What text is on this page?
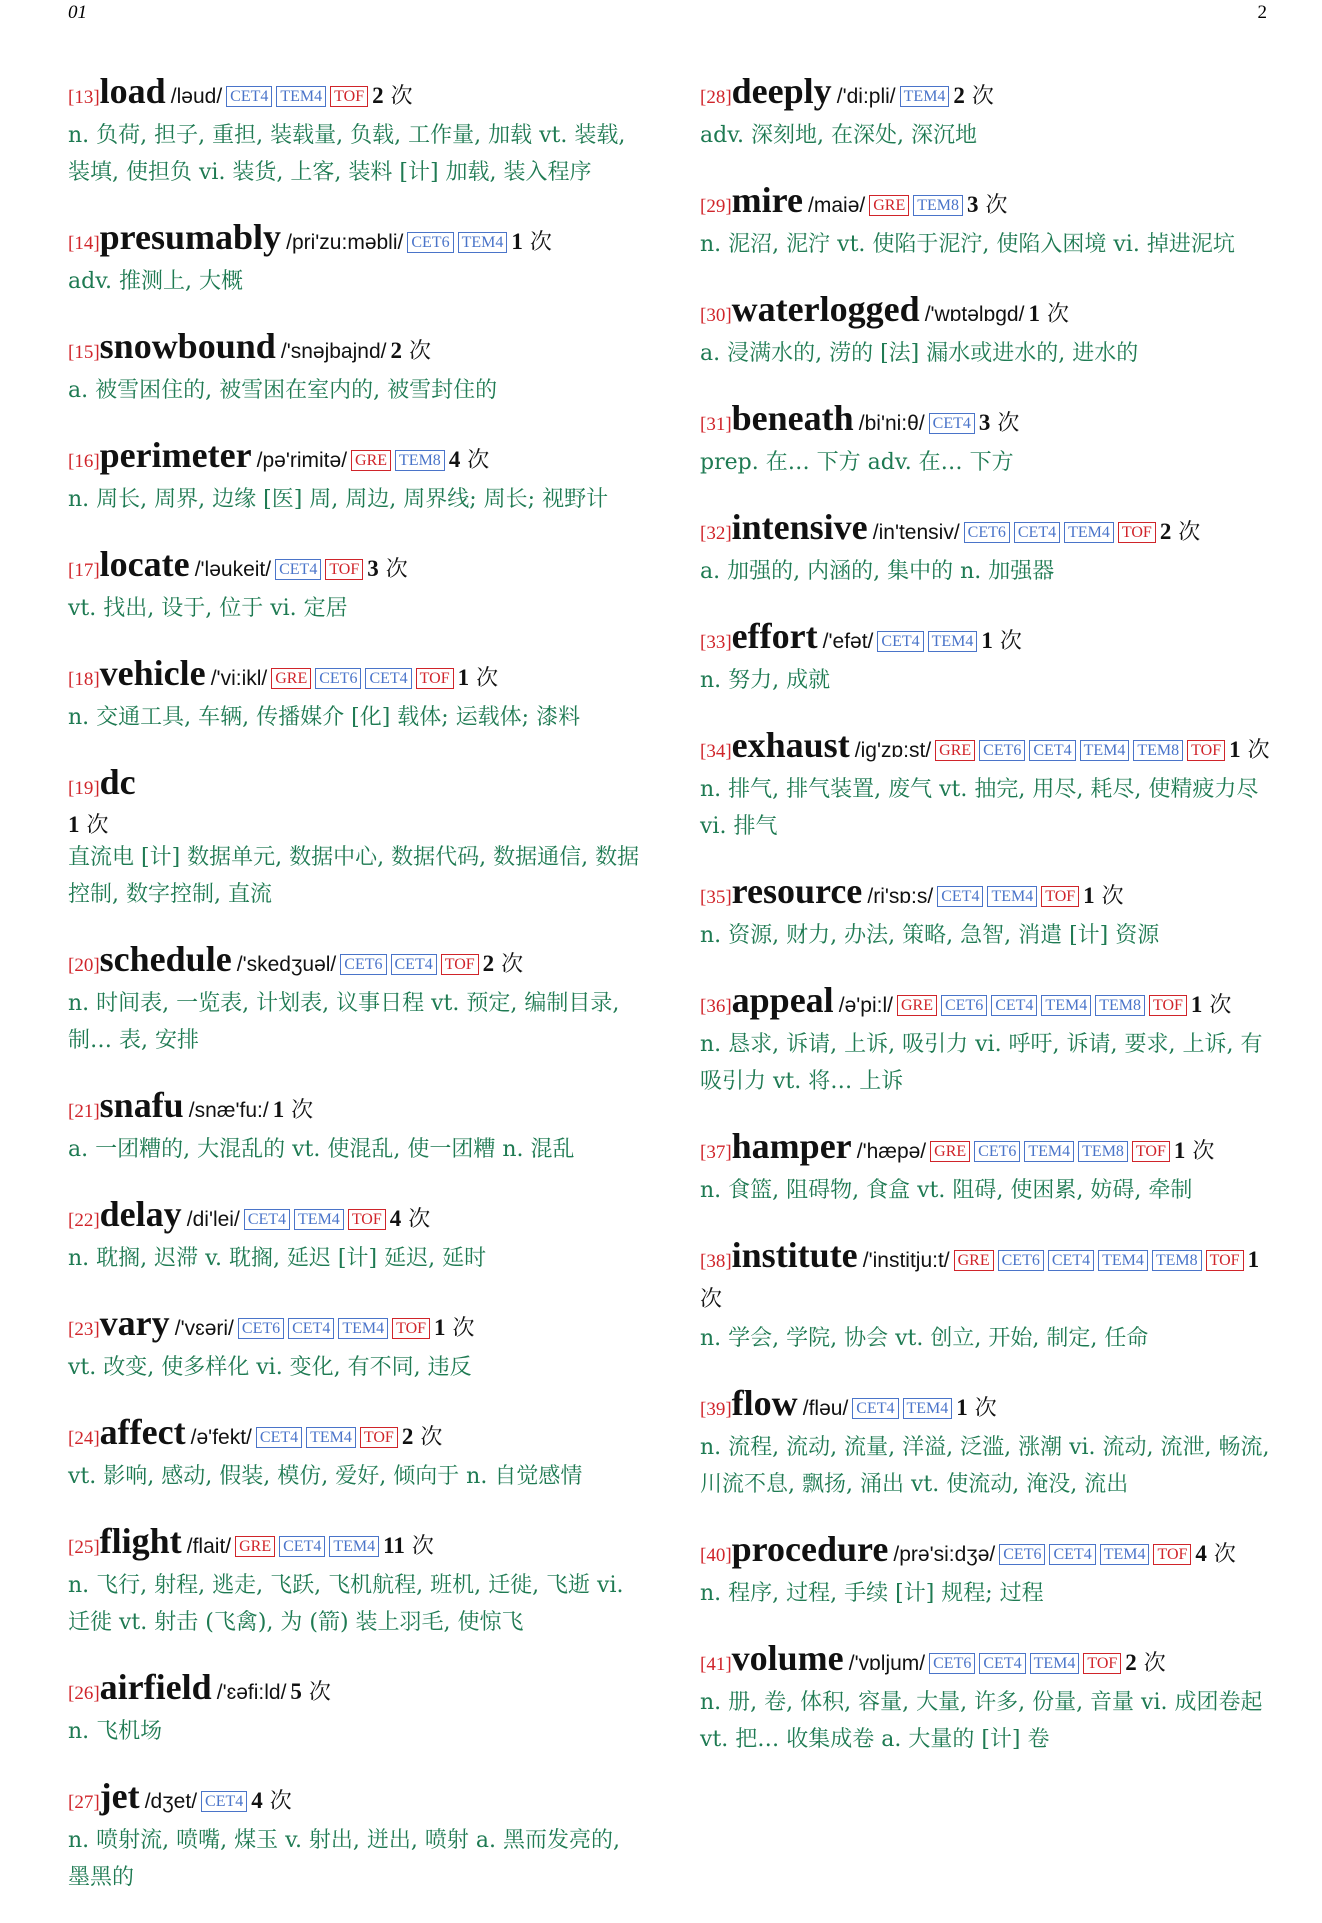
01	2
[13]load /ləud/ CET4 TEM4 TOF 2 次
n. 负荷, 担子, 重担, 装载量, 负载, 工作量, 加载 vt. 装载, 装填, 使担负 vi. 装货, 上客, 装料 [计] 加载, 装入程序
[14]presumably /pri'zu:məbli/ CET6 TEM4 1 次
adv. 推测上, 大概
[15]snowbound /'snəjbajnd/ 2 次
a. 被雪困住的, 被雪困在室内的, 被雪封住的
[16]perimeter /pə'rimitə/ GRE TEM8 4 次
n. 周长, 周界, 边缘 [医] 周, 周边, 周界线; 周长; 视野计
[17]locate /'ləukeit/ CET4 TOF 3 次
vt. 找出, 设于, 位于 vi. 定居
[18]vehicle /'vi:ikl/ GRE CET6 CET4 TOF 1 次
n. 交通工具, 车辆, 传播媒介 [化] 载体; 运载体; 漆料
[19]dc
1 次
直流电 [计] 数据单元, 数据中心, 数据代码, 数据通信, 数据控制, 数字控制, 直流
[20]schedule /'skedʒuəl/ CET6 CET4 TOF 2 次
n. 时间表, 一览表, 计划表, 议事日程 vt. 预定, 编制目录, 制… 表, 安排
[21]snafu /snæ'fu:/ 1 次
a. 一团糟的, 大混乱的 vt. 使混乱, 使一团糟 n. 混乱
[22]delay /di'lei/ CET4 TEM4 TOF 4 次
n. 耽搁, 迟滞 v. 耽搁, 延迟 [计] 延迟, 延时
[23]vary /'vɛəri/ CET6 CET4 TEM4 TOF 1 次
vt. 改变, 使多样化 vi. 变化, 有不同, 违反
[24]affect /ə'fekt/ CET4 TEM4 TOF 2 次
vt. 影响, 感动, 假装, 模仿, 爱好, 倾向于 n. 自觉感情
[25]flight /flait/ GRE CET4 TEM4 11 次
n. 飞行, 射程, 逃走, 飞跃, 飞机航程, 班机, 迁徙, 飞逝 vi. 迁徙 vt. 射击 (飞禽), 为 (箭) 装上羽毛, 使惊飞
[26]airfield /'ɛəfi:ld/ 5 次
n. 飞机场
[27]jet /dʒet/ CET4 4 次
n. 喷射流, 喷嘴, 煤玉 v. 射出, 迸出, 喷射 a. 黑而发亮的, 墨黑的
[28]deeply /'di:pli/ TEM4 2 次
adv. 深刻地, 在深处, 深沉地
[29]mire /maiə/ GRE TEM8 3 次
n. 泥沼, 泥泞 vt. 使陷于泥泞, 使陷入困境 vi. 掉进泥坑
[30]waterlogged /'wɒtəlɒgd/ 1 次
a. 浸满水的, 涝的 [法] 漏水或进水的, 进水的
[31]beneath /bi'ni:θ/ CET4 3 次
prep. 在… 下方 adv. 在… 下方
[32]intensive /in'tensiv/ CET6 CET4 TEM4 TOF 2 次
a. 加强的, 内涵的, 集中的 n. 加强器
[33]effort /'efət/ CET4 TEM4 1 次
n. 努力, 成就
[34]exhaust /ig'zɒ:st/ GRE CET6 CET4 TEM4 TEM8 TOF 1 次
n. 排气, 排气装置, 废气 vt. 抽完, 用尽, 耗尽, 使精疲力尽 vi. 排气
[35]resource /ri'sɒ:s/ CET4 TEM4 TOF 1 次
n. 资源, 财力, 办法, 策略, 急智, 消遣 [计] 资源
[36]appeal /ə'pi:l/ GRE CET6 CET4 TEM4 TEM8 TOF 1 次
n. 恳求, 诉请, 上诉, 吸引力 vi. 呼吁, 诉请, 要求, 上诉, 有吸引力 vt. 将… 上诉
[37]hamper /'hæpə/ GRE CET6 TEM4 TEM8 TOF 1 次
n. 食篮, 阻碍物, 食盒 vt. 阻碍, 使困累, 妨碍, 牵制
[38]institute /'institju:t/ GRE CET6 CET4 TEM4 TEM8 TOF 1 次
n. 学会, 学院, 协会 vt. 创立, 开始, 制定, 任命
[39]flow /fləu/ CET4 TEM4 1 次
n. 流程, 流动, 流量, 洋溢, 泛滥, 涨潮 vi. 流动, 流泄, 畅流, 川流不息, 飘扬, 涌出 vt. 使流动, 淹没, 流出
[40]procedure /prə'si:dʒə/ CET6 CET4 TEM4 TOF 4 次
n. 程序, 过程, 手续 [计] 规程; 过程
[41]volume /'vɒljum/ CET6 CET4 TEM4 TOF 2 次
n. 册, 卷, 体积, 容量, 大量, 许多, 份量, 音量 vi. 成团卷起 vt. 把… 收集成卷 a. 大量的 [计] 卷
